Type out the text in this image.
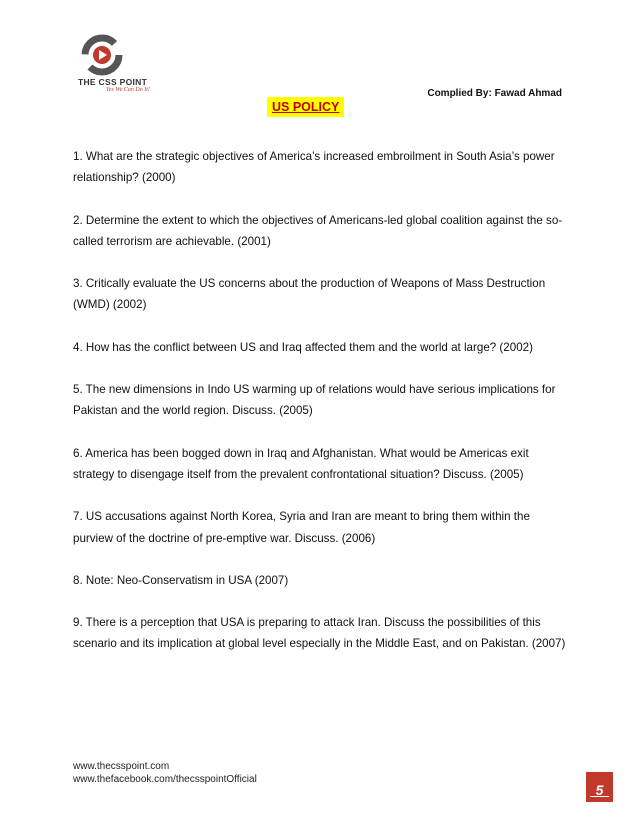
THE CSS POINT
Yes We Can Do It!	Complied By: Fawad Ahmad
US POLICY
1. What are the strategic objectives of America’s increased embroilment in South Asia’s power relationship? (2000)
2. Determine the extent to which the objectives of Americans-led global coalition against the so-called terrorism are achievable. (2001)
3. Critically evaluate the US concerns about the production of Weapons of Mass Destruction (WMD) (2002)
4. How has the conflict between US and Iraq affected them and the world at large? (2002)
5. The new dimensions in Indo US warming up of relations would have serious implications for Pakistan and the world region. Discuss. (2005)
6. America has been bogged down in Iraq and Afghanistan. What would be Americas exit strategy to disengage itself from the prevalent confrontational situation? Discuss. (2005)
7. US accusations against North Korea, Syria and Iran are meant to bring them within the purview of the doctrine of pre-emptive war. Discuss. (2006)
8. Note: Neo-Conservatism in USA (2007)
9. There is a perception that USA is preparing to attack Iran. Discuss the possibilities of this scenario and its implication at global level especially in the Middle East, and on Pakistan. (2007)
www.thecsspoint.com
www.thefacebook.com/thecsspointOfficial
5
